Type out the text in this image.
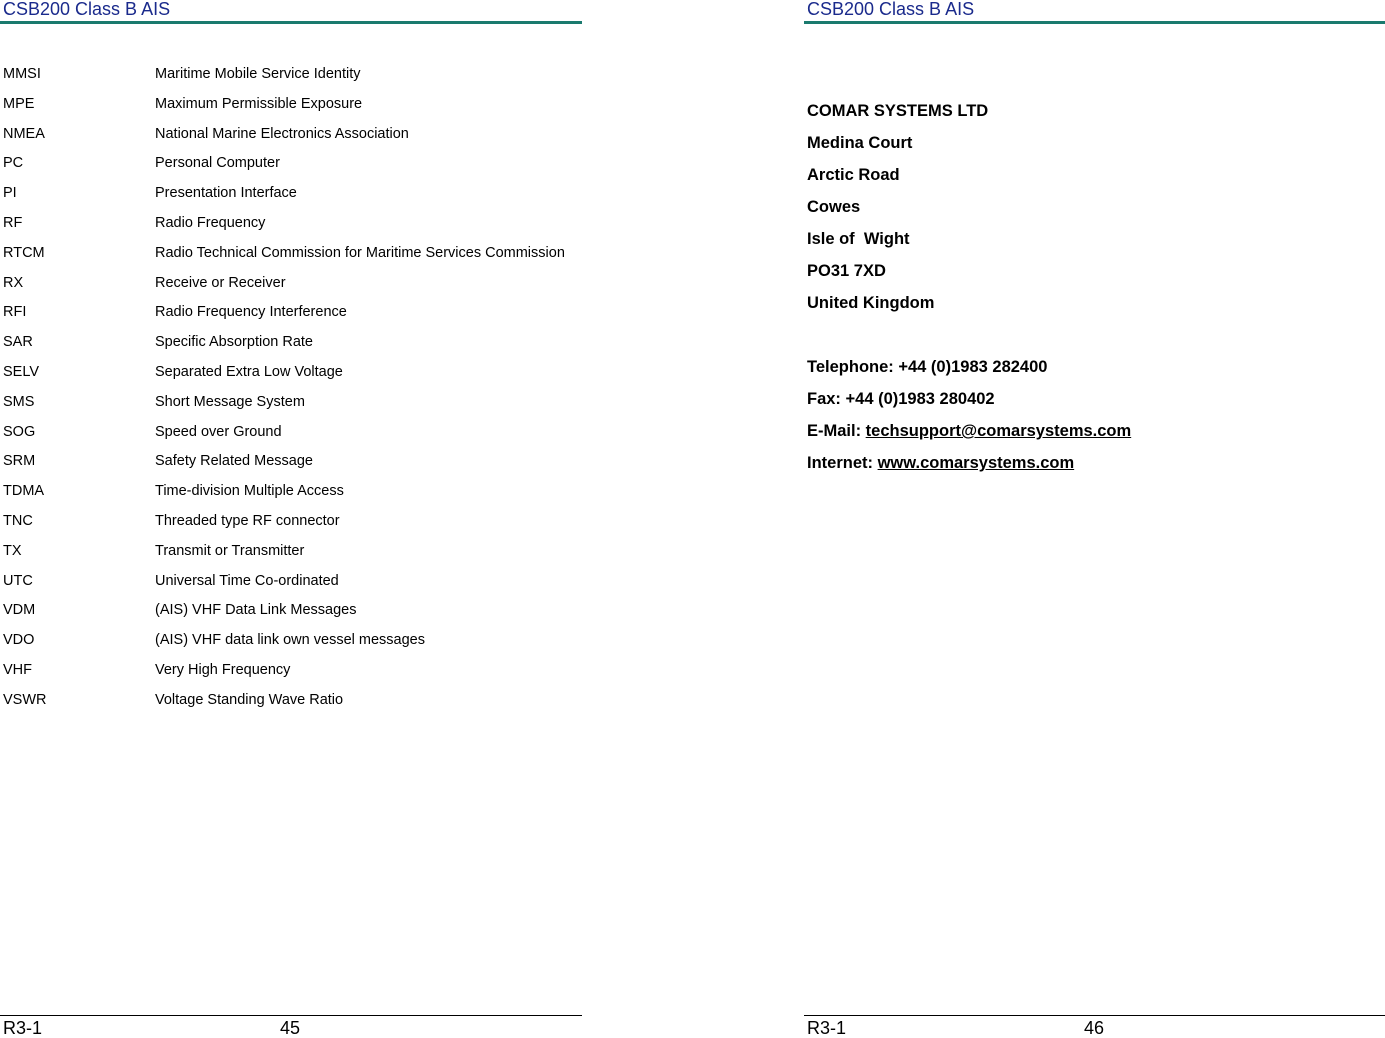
CSB200 Class B AIS
MMSI	Maritime Mobile Service Identity
MPE	Maximum Permissible Exposure
NMEA	National Marine Electronics Association
PC	Personal Computer
PI	Presentation Interface
RF	Radio Frequency
RTCM	Radio Technical Commission for Maritime Services Commission
RX	Receive or Receiver
RFI	Radio Frequency Interference
SAR	Specific Absorption Rate
SELV	Separated Extra Low Voltage
SMS	Short Message System
SOG	Speed over Ground
SRM	Safety Related Message
TDMA	Time-division Multiple Access
TNC	Threaded type RF connector
TX	Transmit or Transmitter
UTC	Universal Time Co-ordinated
VDM	(AIS) VHF Data Link Messages
VDO	(AIS) VHF data link own vessel messages
VHF	Very High Frequency
VSWR	Voltage Standing Wave Ratio
R3-1	45
CSB200 Class B AIS
COMAR SYSTEMS LTD
Medina Court
Arctic Road
Cowes
Isle of  Wight
PO31 7XD
United Kingdom
Telephone: +44 (0)1983 282400
Fax: +44 (0)1983 280402
E-Mail: techsupport@comarsystems.com
Internet: www.comarsystems.com
R3-1	46
